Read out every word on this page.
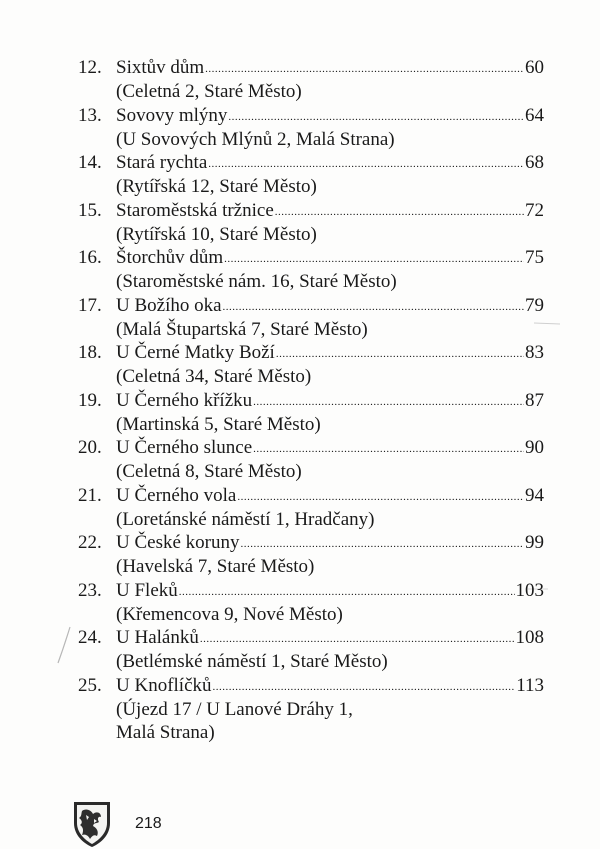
12. Sixtův dům .....	60
(Celetná 2, Staré Město)
13. Sovovy mlýny .....	64
(U Sovových Mlýnů 2, Malá Strana)
14. Stará rychta .....	68
(Rytířská 12, Staré Město)
15. Staroměstská tržnice .....	72
(Rytířská 10, Staré Město)
16. Štorchův dům .....	75
(Staroměstské nám. 16, Staré Město)
17. U Božího oka .....	79
(Malá Štupartská 7, Staré Město)
18. U Černé Matky Boží .....	83
(Celetná 34, Staré Město)
19. U Černého křížku .....	87
(Martinská 5, Staré Město)
20. U Černého slunce .....	90
(Celetná 8, Staré Město)
21. U Černého vola .....	94
(Loretánské náměstí 1, Hradčany)
22. U České koruny .....	99
(Havelská 7, Staré Město)
23. U Fleků .....	103
(Křemencova 9, Nové Město)
24. U Halánků .....	108
(Betlémské náměstí 1, Staré Město)
25. U Knoflíčků .....	113
(Újezd 17 / U Lanové Dráhy 1,
Malá Strana)
218
